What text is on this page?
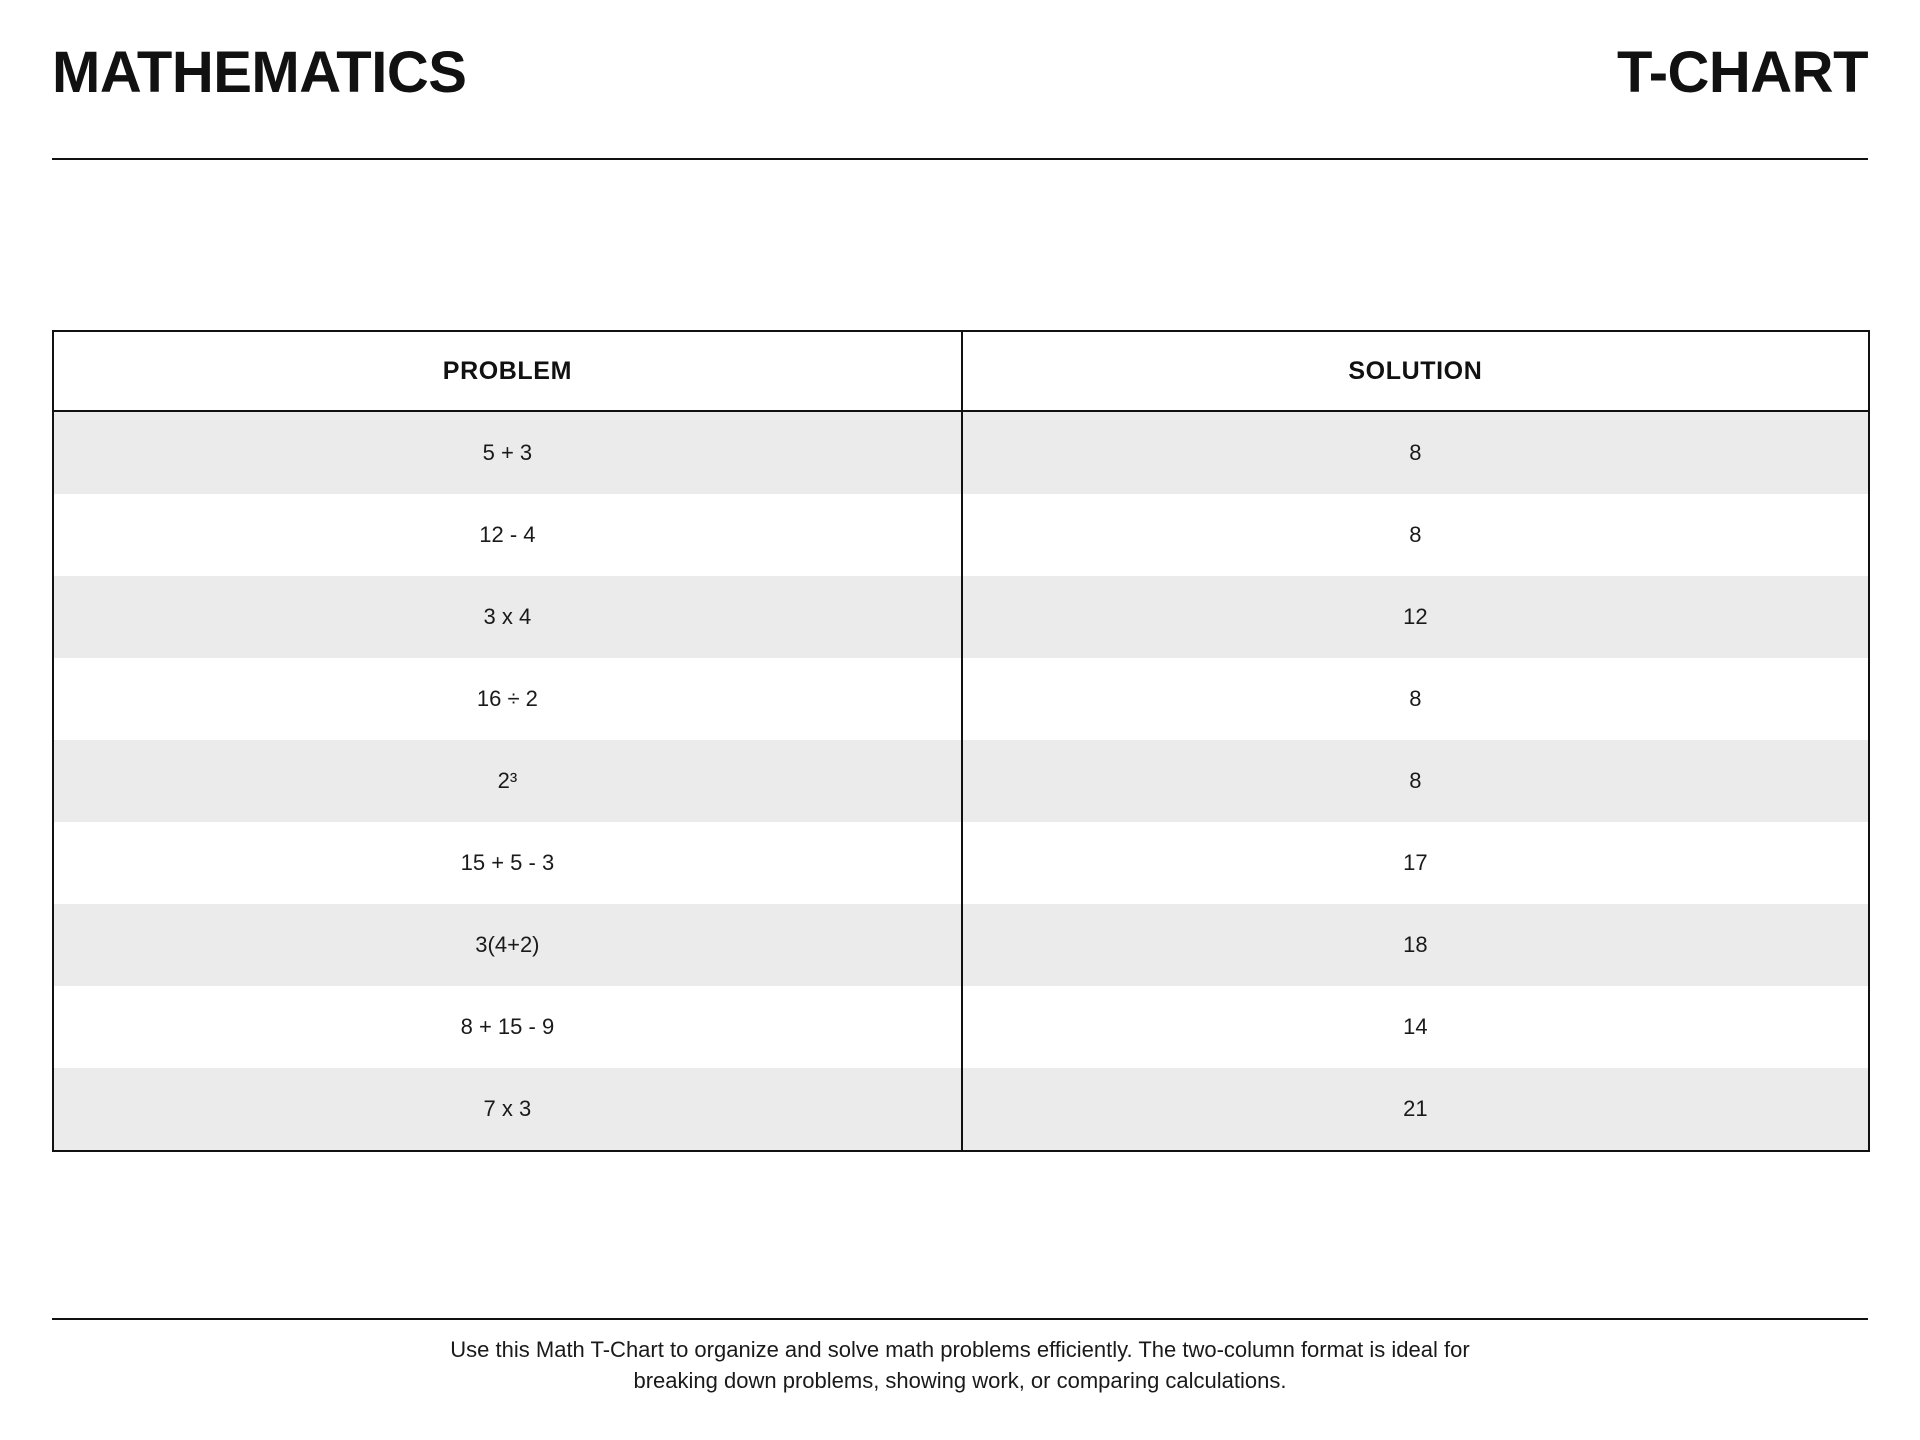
MATHEMATICS	T-CHART
PROBLEM	SOLUTION
5 + 3	8
12 - 4	8
3 x 4	12
16 ÷ 2	8
2³	8
15 + 5 - 3	17
3(4+2)	18
8 + 15 - 9	14
7 x 3	21
Use this Math T-Chart to organize and solve math problems efficiently. The two-column format is ideal for
breaking down problems, showing work, or comparing calculations.
